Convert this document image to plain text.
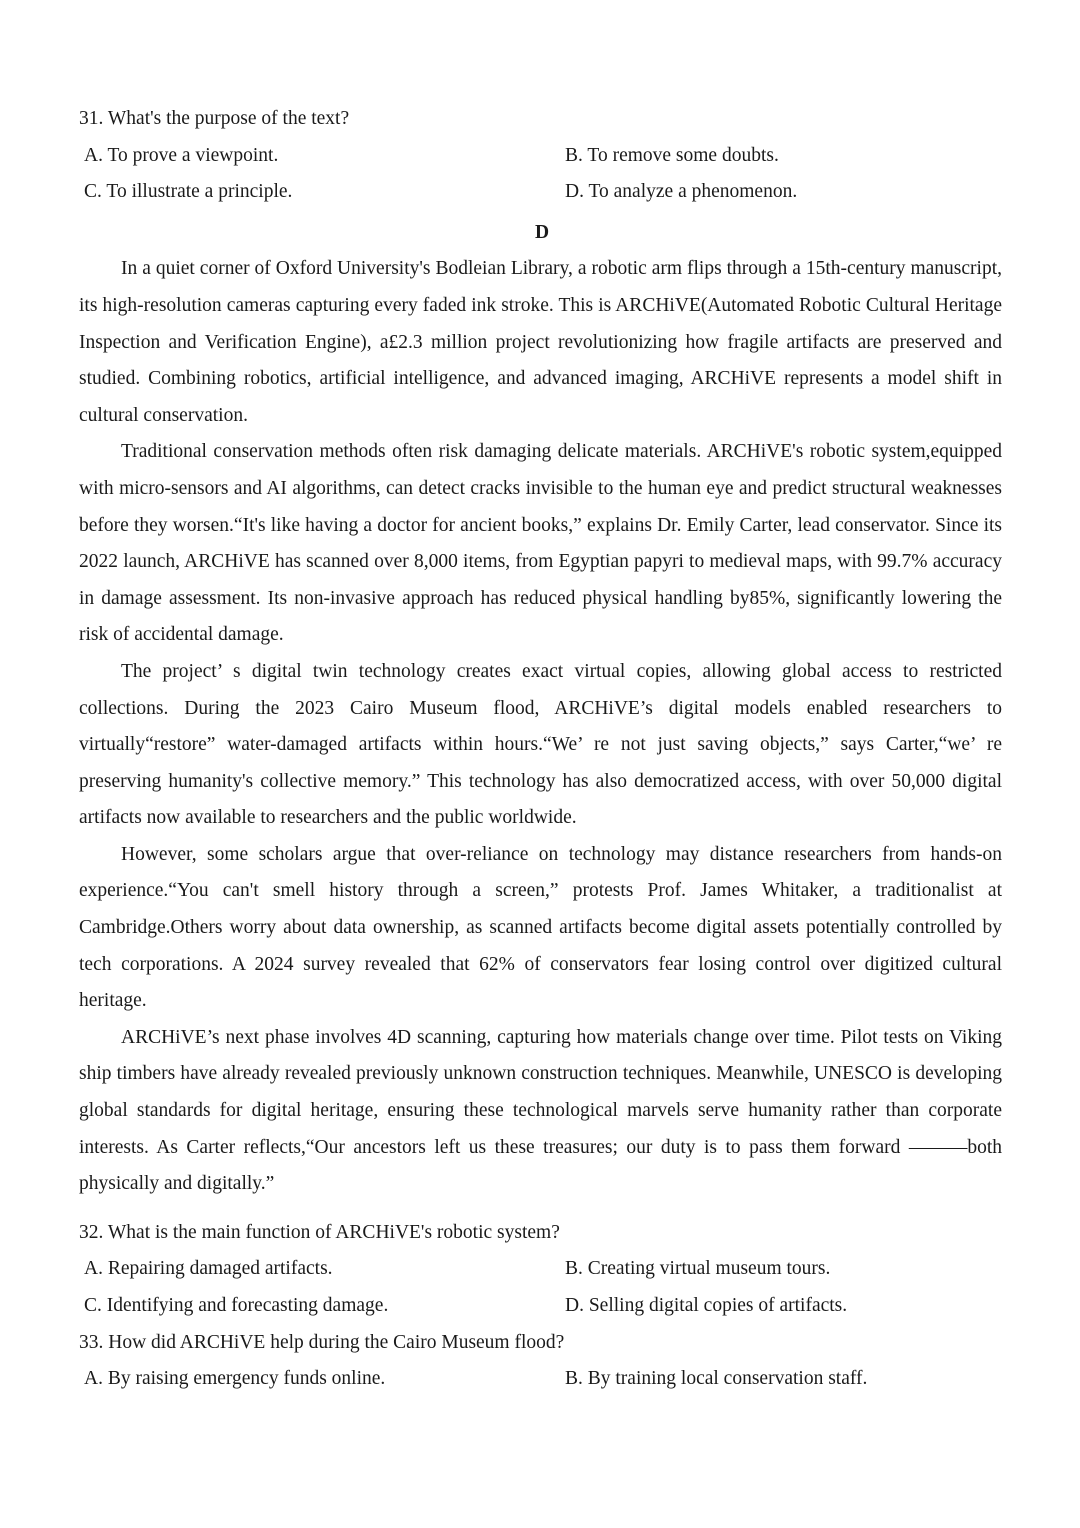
31. What's the purpose of the text?
A. To prove a viewpoint.	B. To remove some doubts.
C. To illustrate a principle.	D. To analyze a phenomenon.
D

In a quiet corner of Oxford University's Bodleian Library, a robotic arm flips through a 15th-century manuscript, its high-resolution cameras capturing every faded ink stroke. This is ARCHiVE(Automated Robotic Cultural Heritage Inspection and Verification Engine), a£2.3 million project revolutionizing how fragile artifacts are preserved and studied. Combining robotics, artificial intelligence, and advanced imaging, ARCHiVE represents a model shift in cultural conservation.

Traditional conservation methods often risk damaging delicate materials. ARCHiVE's robotic system,equipped with micro-sensors and AI algorithms, can detect cracks invisible to the human eye and predict structural weaknesses before they worsen.“It's like having a doctor for ancient books,” explains Dr. Emily Carter, lead conservator. Since its 2022 launch, ARCHiVE has scanned over 8,000 items, from Egyptian papyri to medieval maps, with 99.7% accuracy in damage assessment. Its non-invasive approach has reduced physical handling by85%, significantly lowering the risk of accidental damage.

The project’ s digital twin technology creates exact virtual copies, allowing global access to restricted collections. During the 2023 Cairo Museum flood, ARCHiVE’s digital models enabled researchers to virtually“restore” water-damaged artifacts within hours.“We’ re not just saving objects,” says Carter,“we’ re preserving humanity's collective memory.” This technology has also democratized access, with over 50,000 digital artifacts now available to researchers and the public worldwide.

However, some scholars argue that over-reliance on technology may distance researchers from hands-on experience.“You can't smell history through a screen,” protests Prof. James Whitaker, a traditionalist at Cambridge.Others worry about data ownership, as scanned artifacts become digital assets potentially controlled by tech corporations. A 2024 survey revealed that 62% of conservators fear losing control over digitized cultural heritage.

ARCHiVE’s next phase involves 4D scanning, capturing how materials change over time. Pilot tests on Viking ship timbers have already revealed previously unknown construction techniques. Meanwhile, UNESCO is developing global standards for digital heritage, ensuring these technological marvels serve humanity rather than corporate interests. As Carter reflects,“Our ancestors left us these treasures; our duty is to pass them forward ———both physically and digitally.”

32. What is the main function of ARCHiVE's robotic system?
A. Repairing damaged artifacts.	B. Creating virtual museum tours.
C. Identifying and forecasting damage.	D. Selling digital copies of artifacts.
33. How did ARCHiVE help during the Cairo Museum flood?
A. By raising emergency funds online.	B. By training local conservation staff.
